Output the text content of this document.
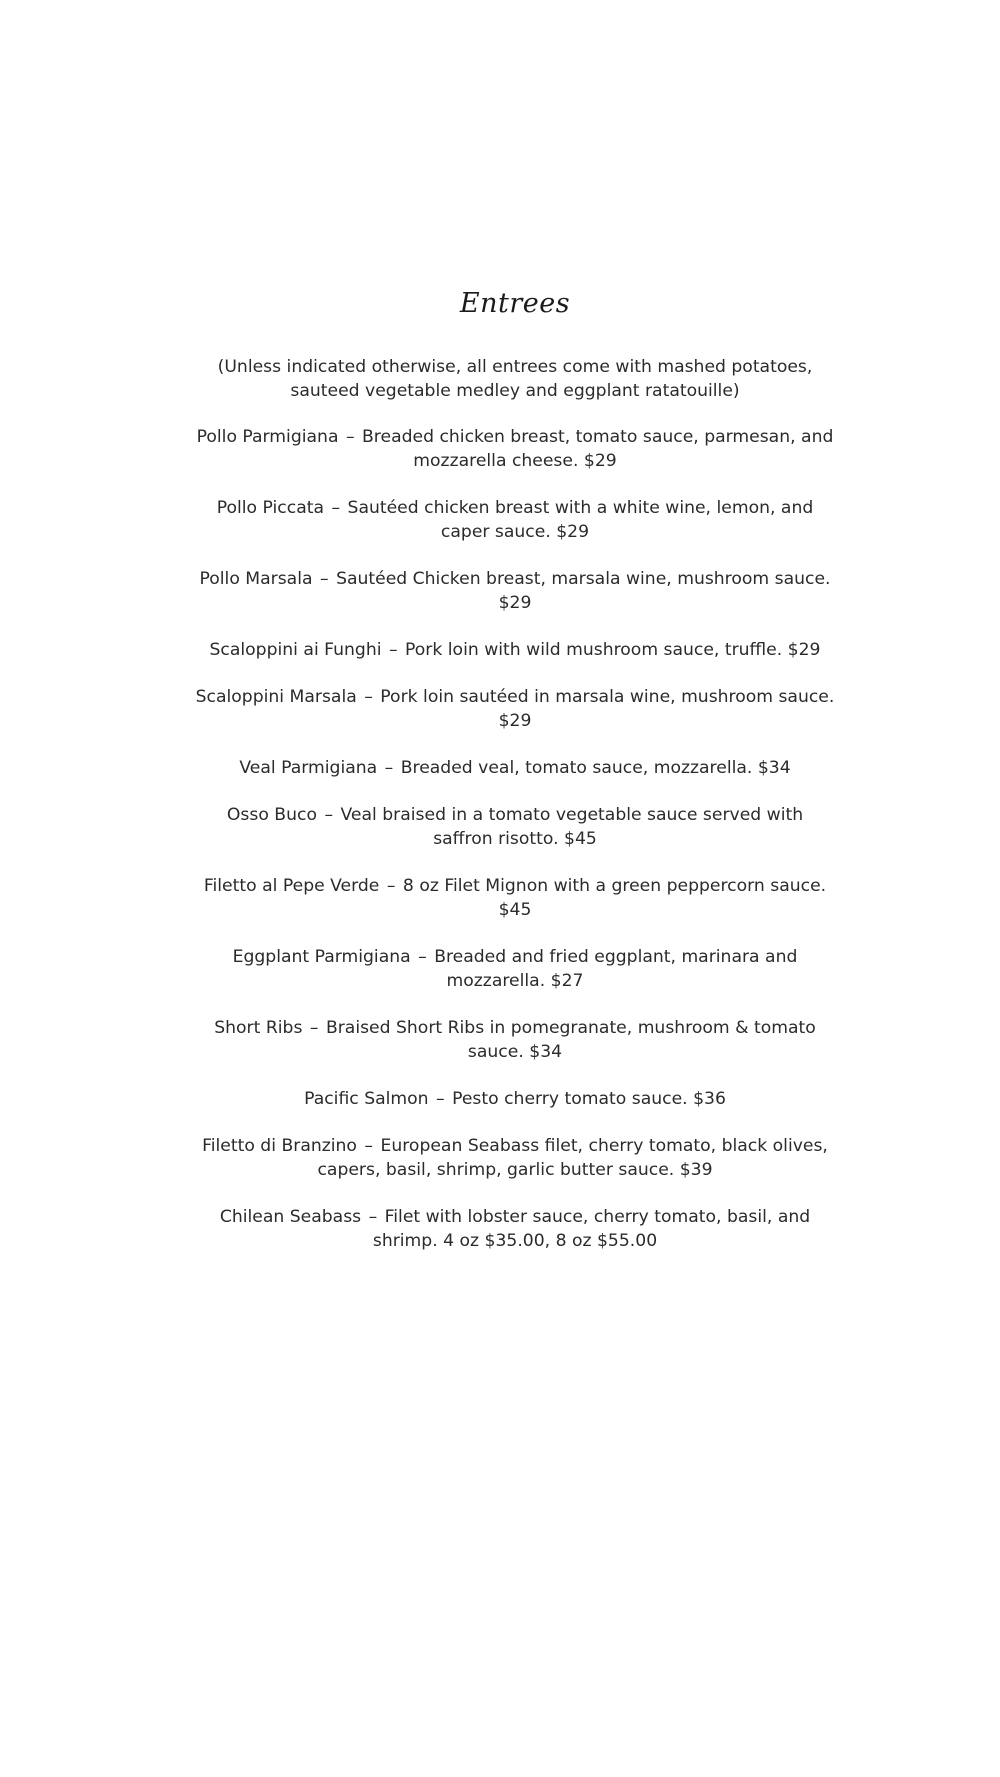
Entrees

(Unless indicated otherwise, all entrees come with mashed potatoes, sauteed vegetable medley and eggplant ratatouille)

Pollo Parmigiana – Breaded chicken breast, tomato sauce, parmesan, and mozzarella cheese. $29

Pollo Piccata – Sautéed chicken breast with a white wine, lemon, and caper sauce. $29

Pollo Marsala – Sautéed Chicken breast, marsala wine, mushroom sauce. $29

Scaloppini ai Funghi – Pork loin with wild mushroom sauce, truffle. $29

Scaloppini Marsala – Pork loin sautéed in marsala wine, mushroom sauce. $29

Veal Parmigiana – Breaded veal, tomato sauce, mozzarella. $34

Osso Buco – Veal braised in a tomato vegetable sauce served with saffron risotto. $45

Filetto al Pepe Verde – 8 oz Filet Mignon with a green peppercorn sauce. $45

Eggplant Parmigiana – Breaded and fried eggplant, marinara and mozzarella. $27

Short Ribs – Braised Short Ribs in pomegranate, mushroom & tomato sauce. $34

Pacific Salmon – Pesto cherry tomato sauce. $36

Filetto di Branzino – European Seabass filet, cherry tomato, black olives, capers, basil, shrimp, garlic butter sauce. $39

Chilean Seabass – Filet with lobster sauce, cherry tomato, basil, and shrimp. 4 oz $35.00, 8 oz $55.00
